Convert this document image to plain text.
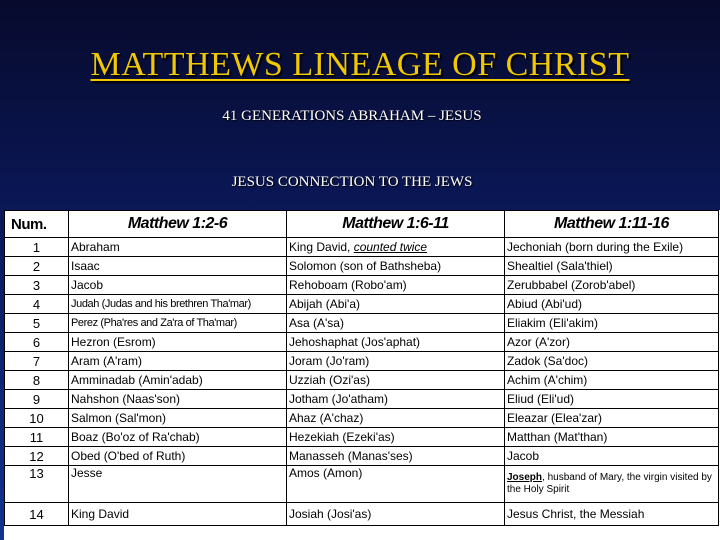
MATTHEWS LINEAGE OF CHRIST
41 GENERATIONS ABRAHAM – JESUS
JESUS CONNECTION TO THE JEWS
Num.	Matthew 1:2-6	Matthew 1:6-11	Matthew 1:11-16
1	Abraham	King David, counted twice	Jechoniah (born during the Exile)
2	Isaac	Solomon (son of Bathsheba)	Shealtiel (Sala'thiel)
3	Jacob	Rehoboam (Robo'am)	Zerubbabel (Zorob'abel)
4	Judah (Judas and his brethren Tha'mar)	Abijah (Abi'a)	Abiud (Abi'ud)
5	Perez (Pha'res and Za'ra of Tha'mar)	Asa (A'sa)	Eliakim (Eli'akim)
6	Hezron (Esrom)	Jehoshaphat (Jos'aphat)	Azor (A'zor)
7	Aram (A'ram)	Joram (Jo'ram)	Zadok (Sa'doc)
8	Amminadab (Amin'adab)	Uzziah (Ozi'as)	Achim (A'chim)
9	Nahshon (Naas'son)	Jotham (Jo'atham)	Eliud (Eli'ud)
10	Salmon (Sal'mon)	Ahaz (A'chaz)	Eleazar (Elea'zar)
11	Boaz (Bo'oz of Ra'chab)	Hezekiah (Ezeki'as)	Matthan (Mat'than)
12	Obed (O'bed of Ruth)	Manasseh (Manas'ses)	Jacob
13	Jesse	Amos (Amon)	Joseph, husband of Mary, the virgin visited by the Holy Spirit
14	King David	Josiah (Josi'as)	Jesus Christ, the Messiah
